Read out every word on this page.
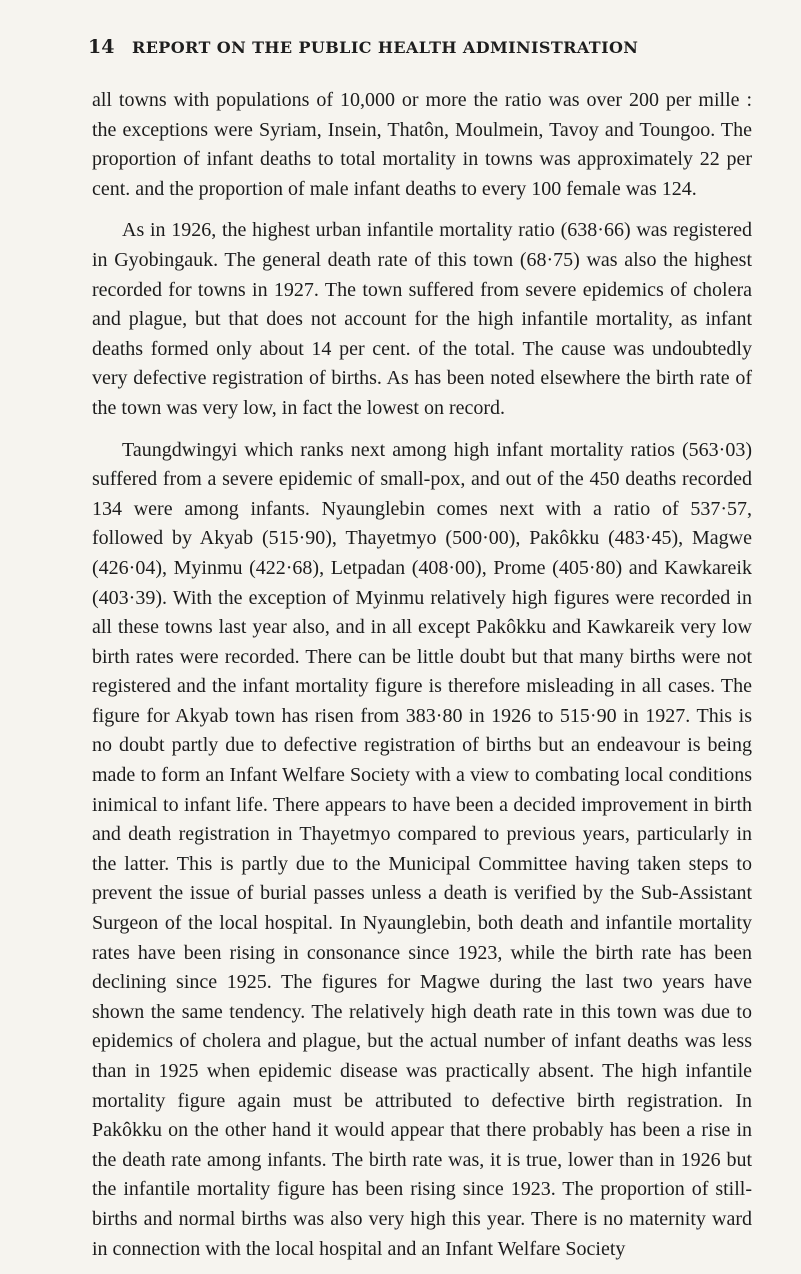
14 REPORT ON THE PUBLIC HEALTH ADMINISTRATION

all towns with populations of 10,000 or more the ratio was over 200 per mille : the exceptions were Syriam, Insein, Thatôn, Moulmein, Tavoy and Toungoo. The proportion of infant deaths to total mortality in towns was approximately 22 per cent. and the proportion of male infant deaths to every 100 female was 124.

As in 1926, the highest urban infantile mortality ratio (638·66) was registered in Gyobingauk. The general death rate of this town (68·75) was also the highest recorded for towns in 1927. The town suffered from severe epidemics of cholera and plague, but that does not account for the high infantile mortality, as infant deaths formed only about 14 per cent. of the total. The cause was undoubtedly very defective registration of births. As has been noted elsewhere the birth rate of the town was very low, in fact the lowest on record.

Taungdwingyi which ranks next among high infant mortality ratios (563·03) suffered from a severe epidemic of small-pox, and out of the 450 deaths recorded 134 were among infants. Nyaunglebin comes next with a ratio of 537·57, followed by Akyab (515·90), Thayetmyo (500·00), Pakôkku (483·45), Magwe (426·04), Myinmu (422·68), Letpadan (408·00), Prome (405·80) and Kawkareik (403·39). With the exception of Myinmu relatively high figures were recorded in all these towns last year also, and in all except Pakôkku and Kawkareik very low birth rates were recorded. There can be little doubt but that many births were not registered and the infant mortality figure is therefore misleading in all cases. The figure for Akyab town has risen from 383·80 in 1926 to 515·90 in 1927. This is no doubt partly due to defective registration of births but an endeavour is being made to form an Infant Welfare Society with a view to combating local conditions inimical to infant life. There appears to have been a decided improvement in birth and death registration in Thayetmyo compared to previous years, particularly in the latter. This is partly due to the Municipal Committee having taken steps to prevent the issue of burial passes unless a death is verified by the Sub-Assistant Surgeon of the local hospital. In Nyaunglebin, both death and infantile mortality rates have been rising in consonance since 1923, while the birth rate has been declining since 1925. The figures for Magwe during the last two years have shown the same tendency. The relatively high death rate in this town was due to epidemics of cholera and plague, but the actual number of infant deaths was less than in 1925 when epidemic disease was practically absent. The high infantile mortality figure again must be attributed to defective birth registration. In Pakôkku on the other hand it would appear that there probably has been a rise in the death rate among infants. The birth rate was, it is true, lower than in 1926 but the infantile mortality figure has been rising since 1923. The proportion of still-births and normal births was also very high this year. There is no maternity ward in connection with the local hospital and an Infant Welfare Society
